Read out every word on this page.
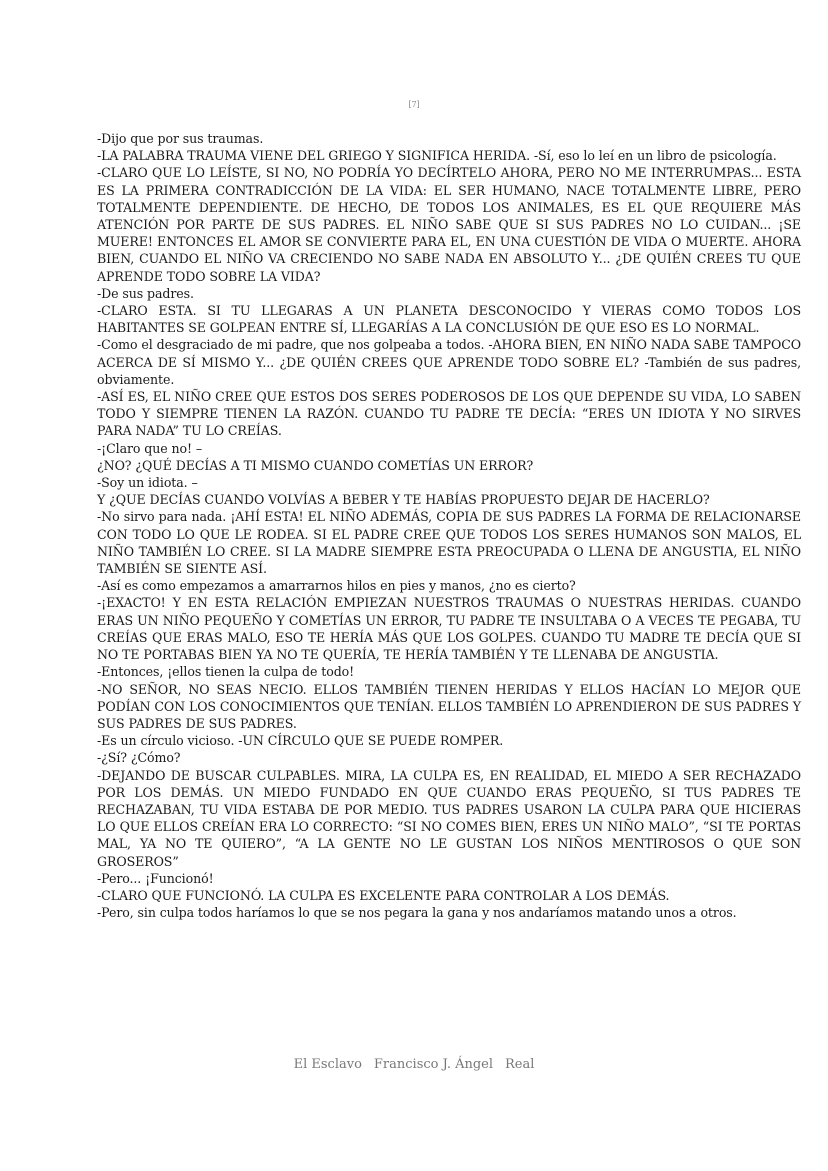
[7]

-Dijo que por sus traumas.

-LA PALABRA TRAUMA VIENE DEL GRIEGO Y SIGNIFICA HERIDA. -Sí, eso lo leí en un libro de psicología.

-CLARO QUE LO LEÍSTE, SI NO, NO PODRÍA YO DECÍRTELO AHORA, PERO NO ME INTERRUMPAS... ESTA ES LA PRIMERA CONTRADICCIÓN DE LA VIDA: EL SER HUMANO, NACE TOTALMENTE LIBRE, PERO TOTALMENTE DEPENDIENTE. DE HECHO, DE TODOS LOS ANIMALES, ES EL QUE REQUIERE MÁS ATENCIÓN POR PARTE DE SUS PADRES. EL NIÑO SABE QUE SI SUS PADRES NO LO CUIDAN... ¡SE MUERE! ENTONCES EL AMOR SE CONVIERTE PARA EL, EN UNA CUESTIÓN DE VIDA O MUERTE. AHORA BIEN, CUANDO EL NIÑO VA CRECIENDO NO SABE NADA EN ABSOLUTO Y... ¿DE QUIÉN CREES TU QUE APRENDE TODO SOBRE LA VIDA?

-De sus padres.

-CLARO ESTA. SI TU LLEGARAS A UN PLANETA DESCONOCIDO Y VIERAS COMO TODOS LOS HABITANTES SE GOLPEAN ENTRE SÍ, LLEGARÍAS A LA CONCLUSIÓN DE QUE ESO ES LO NORMAL.

-Como el desgraciado de mi padre, que nos golpeaba a todos. -AHORA BIEN, EN NIÑO NADA SABE TAMPOCO ACERCA DE SÍ MISMO Y... ¿DE QUIÉN CREES QUE APRENDE TODO SOBRE EL? -También de sus padres, obviamente.

-ASÍ ES, EL NIÑO CREE QUE ESTOS DOS SERES PODEROSOS DE LOS QUE DEPENDE SU VIDA, LO SABEN TODO Y SIEMPRE TIENEN LA RAZÓN. CUANDO TU PADRE TE DECÍA: “ERES UN IDIOTA Y NO SIRVES PARA NADA” TU LO CREÍAS.

-¡Claro que no! –

¿NO? ¿QUÉ DECÍAS A TI MISMO CUANDO COMETÍAS UN ERROR?

-Soy un idiota. –

Y ¿QUE DECÍAS CUANDO VOLVÍAS A BEBER Y TE HABÍAS PROPUESTO DEJAR DE HACERLO?

-No sirvo para nada. ¡AHÍ ESTA! EL NIÑO ADEMÁS, COPIA DE SUS PADRES LA FORMA DE RELACIONARSE CON TODO LO QUE LE RODEA. SI EL PADRE CREE QUE TODOS LOS SERES HUMANOS SON MALOS, EL NIÑO TAMBIÉN LO CREE. SI LA MADRE SIEMPRE ESTA PREOCUPADA O LLENA DE ANGUSTIA, EL NIÑO TAMBIÉN SE SIENTE ASÍ.

-Así es como empezamos a amarrarnos hilos en pies y manos, ¿no es cierto?

-¡EXACTO! Y EN ESTA RELACIÓN EMPIEZAN NUESTROS TRAUMAS O NUESTRAS HERIDAS. CUANDO ERAS UN NIÑO PEQUEÑO Y COMETÍAS UN ERROR, TU PADRE TE INSULTABA O A VECES TE PEGABA, TU CREÍAS QUE ERAS MALO, ESO TE HERÍA MÁS QUE LOS GOLPES. CUANDO TU MADRE TE DECÍA QUE SI NO TE PORTABAS BIEN YA NO TE QUERÍA, TE HERÍA TAMBIÉN Y TE LLENABA DE ANGUSTIA.

-Entonces, ¡ellos tienen la culpa de todo!

-NO SEÑOR, NO SEAS NECIO. ELLOS TAMBIÉN TIENEN HERIDAS Y ELLOS HACÍAN LO MEJOR QUE PODÍAN CON LOS CONOCIMIENTOS QUE TENÍAN. ELLOS TAMBIÉN LO APRENDIERON DE SUS PADRES Y SUS PADRES DE SUS PADRES.

-Es un círculo vicioso. -UN CÍRCULO QUE SE PUEDE ROMPER.

-¿Sí? ¿Cómo?

-DEJANDO DE BUSCAR CULPABLES. MIRA, LA CULPA ES, EN REALIDAD, EL MIEDO A SER RECHAZADO POR LOS DEMÁS. UN MIEDO FUNDADO EN QUE CUANDO ERAS PEQUEÑO, SI TUS PADRES TE RECHAZABAN, TU VIDA ESTABA DE POR MEDIO. TUS PADRES USARON LA CULPA PARA QUE HICIERAS LO QUE ELLOS CREÍAN ERA LO CORRECTO: “SI NO COMES BIEN, ERES UN NIÑO MALO”, “SI TE PORTAS MAL, YA NO TE QUIERO”, “A LA GENTE NO LE GUSTAN LOS NIÑOS MENTIROSOS O QUE SON GROSEROS”

-Pero... ¡Funcionó!

-CLARO QUE FUNCIONÓ. LA CULPA ES EXCELENTE PARA CONTROLAR A LOS DEMÁS.

-Pero, sin culpa todos haríamos lo que se nos pegara la gana y nos andaríamos matando unos a otros.

El Esclavo Francisco J. Ángel Real
